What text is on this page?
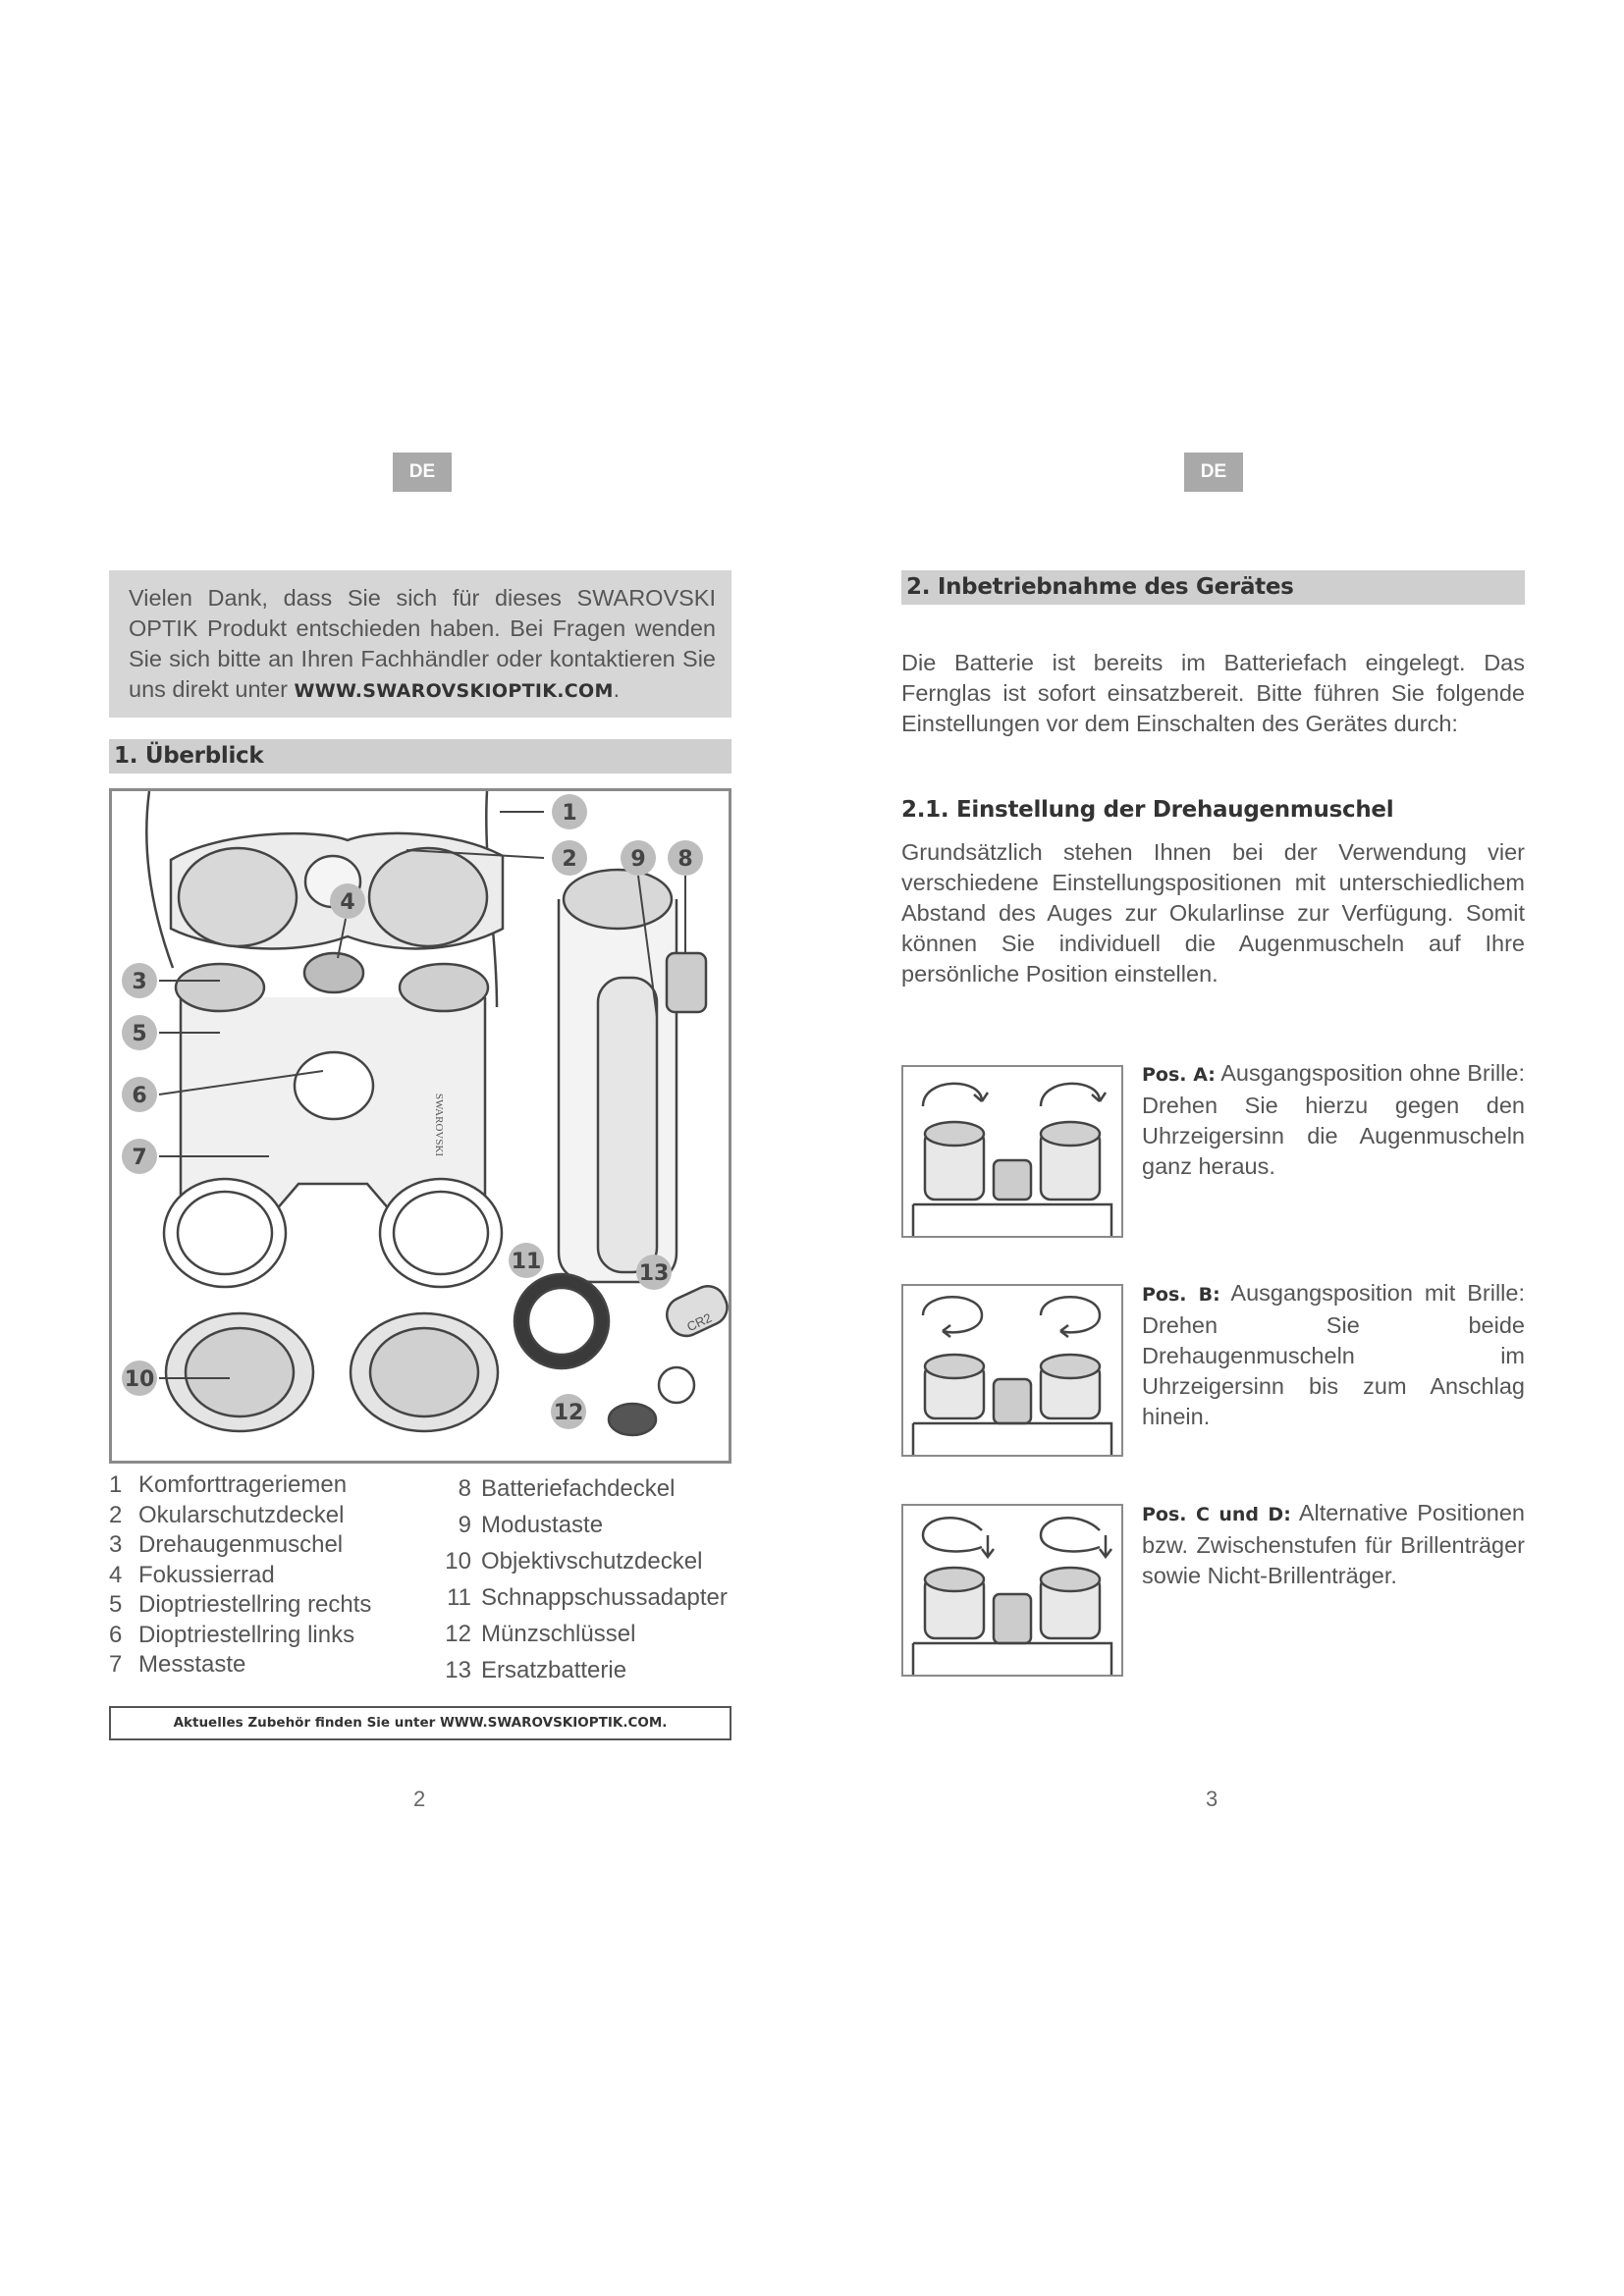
DE
Vielen Dank, dass Sie sich für dieses SWAROVSKI OPTIK Produkt entschieden haben. Bei Fragen wenden Sie sich bitte an Ihren Fachhändler oder kontaktieren Sie uns direkt unter WWW.SWAROVSKIOPTIK.COM.
1. Überblick
1
2
3
4
5
6
7
8
9
10
11
12
13
CR2
SWAROVSKI
1 Komforttrageriemen
2 Okularschutzdeckel
3 Drehaugenmuschel
4 Fokussierrad
5 Dioptriestellring rechts
6 Dioptriestellring links
7 Messtaste
8 Batteriefachdeckel
9 Modustaste
10 Objektivschutzdeckel
11 Schnappschussadapter
12 Münzschlüssel
13 Ersatzbatterie
Aktuelles Zubehör finden Sie unter WWW.SWAROVSKIOPTIK.COM.
2
DE
2. Inbetriebnahme des Gerätes
Die Batterie ist bereits im Batteriefach eingelegt. Das Fernglas ist sofort einsatzbereit. Bitte führen Sie folgende Einstellungen vor dem Einschalten des Gerätes durch:
2.1. Einstellung der Drehaugenmuschel
Grundsätzlich stehen Ihnen bei der Verwendung vier verschiedene Einstellungspositionen mit unterschiedlichem Abstand des Auges zur Okularlinse zur Verfügung. Somit können Sie individuell die Augenmuscheln auf Ihre persönliche Position einstellen.
Pos. A: Ausgangsposition ohne Brille: Drehen Sie hierzu gegen den Uhrzeigersinn die Augenmuscheln ganz heraus.
Pos. B: Ausgangsposition mit Brille: Drehen Sie beide Drehaugenmuscheln im Uhrzeigersinn bis zum Anschlag hinein.
Pos. C und D: Alternative Positionen bzw. Zwischenstufen für Brillenträger sowie Nicht-Brillenträger.
3
